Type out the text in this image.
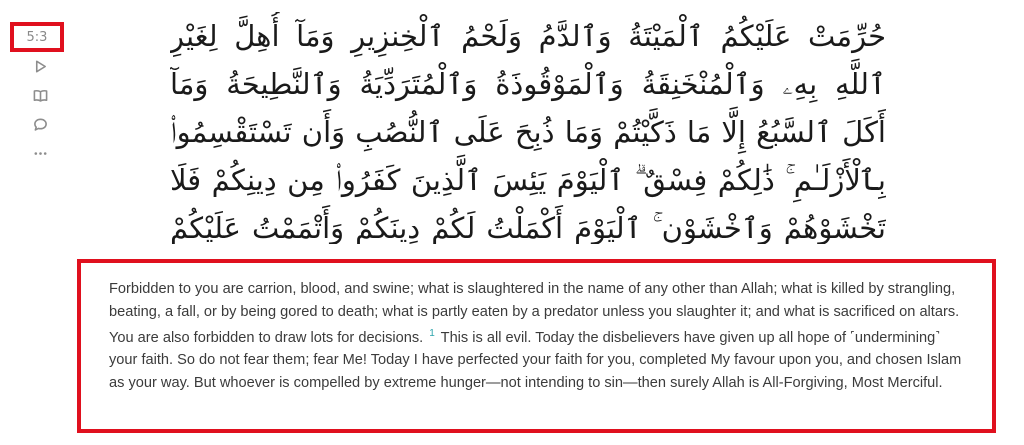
5:3	حُرِّمَتْ عَلَيْكُمُ ٱلْمَيْتَةُ وَٱلدَّمُ وَلَحْمُ ٱلْخِنزِيرِ وَمَآ أُهِلَّ لِغَيْرِ ٱللَّهِ بِهِۦ وَٱلْمُنْخَنِقَةُ وَٱلْمَوْقُوذَةُ وَٱلْمُتَرَدِّيَةُ وَٱلنَّطِيحَةُ وَمَآ أَكَلَ ٱلسَّبُعُ إِلَّا مَا ذَكَّيْتُمْ وَمَا ذُبِحَ عَلَى ٱلنُّصُبِ وَأَن تَسْتَقْسِمُوا۟ بِٱلْأَزْلَـٰمِ ۚ ذَٰلِكُمْ فِسْقٌ ۗ ٱلْيَوْمَ يَئِسَ ٱلَّذِينَ كَفَرُوا۟ مِن دِينِكُمْ فَلَا تَخْشَوْهُمْ وَٱخْشَوْنِ ۚ ٱلْيَوْمَ أَكْمَلْتُ لَكُمْ دِينَكُمْ وَأَتْمَمْتُ عَلَيْكُمْ

Forbidden to you are carrion, blood, and swine; what is slaughtered in the name of any other than Allah; what is killed by strangling, beating, a fall, or by being gored to death; what is partly eaten by a predator unless you slaughter it; and what is sacrificed on altars. You are also forbidden to draw lots for decisions. $^1$ This is all evil. Today the disbelievers have given up all hope of ˹undermining˺ your faith. So do not fear them; fear Me! Today I have perfected your faith for you, completed My favour upon you, and chosen Islam as your way. But whoever is compelled by extreme hunger—not intending to sin—then surely Allah is All-Forgiving, Most Merciful.
